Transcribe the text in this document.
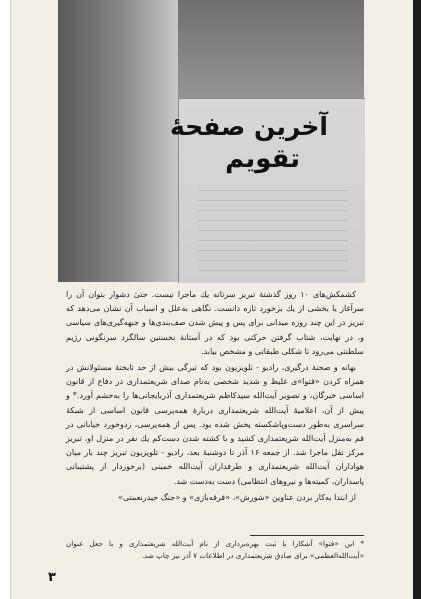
آخرین صفحهٔ
تقویم

کشمکش‌های ۱۰ روز گذشتهٔ تبریز سرتاته یك ماجرا نیست. حتیٰ دشوار بتوان آن را سرآغاز یا بخشی از یك برخورد تازه دانست. نگاهی به‌علل و اسباب آن نشان می‌دهد که تبریز در این چند روزه میدانی برای پس و پیش شدن صف‌بندی‌ها و جبهه‌گیری‌های سیاسی و، در نهایت، شتاب گرفتن حرکتی بود که در آستانهٔ نخستین سالگرد سرنگونی رژیم سلطنتی می‌رود تا شکلی طبقاتی و مشخص بیابد.

بهانه و صحنهٔ درگیری، رادیو - تلویزیون بود که تیرگی بیش از حد تابختهٔ مسئولانش در همراه کردن «فتوا»ی غلیظ و شدید شخصی به‌نام صدای شریعتمداری در دفاع از قانون اساسی خبرگان، و تصویر آیت‌الله سیدکاظم شریعتمداری آذربایجانی‌ها را به‌خشم آورد.* و پیش از آن، اعلامیهٔ آیت‌الله شریعتمداری دربارهٔ همه‌پرسی قانون اساسی از شبکهٔ سراسری به‌طور دست‌وپاشکسته پخش شده بود. پس از همه‌پرسی، زدوخورد خیابانی در قم به‌منزل آیت‌الله شریعتمداری کشید و با کشته شدن دست‌کم یك نفر در منزل او، تبریز مرکز تقل ماجرا شد. از جمعه ۱۶ آذر تا دوشنبهٔ بعد، رادیو - تلویزیون تبریز چند بار میان هواداران آیت‌الله شریعتمداری و طرفداران آیت‌الله خمینی (برخوردار از پشتیبانی پاسداران، کمیته‌ها و نیروهای انتظامی) دست به‌دست شد.

از ابتدا به‌کار بردن عناوین «شورش»، «فرقه‌بازی» و «جنگ حیدرنعمتی»

* این «فتوا» آشکارا با ثبت بهره‌برداری از نام آیت‌الله شریعتمداری و با جعل عنوان «آیت‌الله‌العظمی» برای صادق شریعتمداری در اطلاعات ۷ آذر نیز چاپ شد.
۳
